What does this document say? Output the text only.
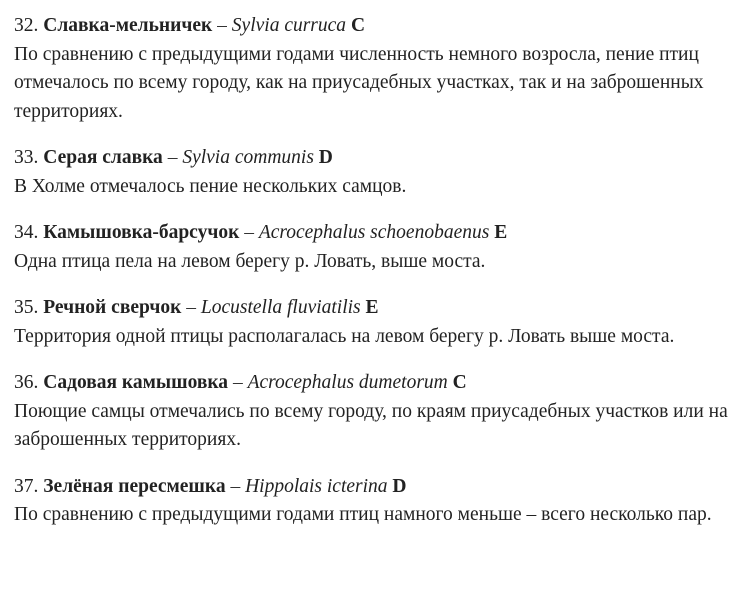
32. Славка-мельничек – Sylvia curruca C

По сравнению с предыдущими годами численность немного возросла, пение птиц отмечалось по всему городу, как на приусадебных участках, так и на заброшенных территориях.

33. Серая славка – Sylvia communis D

В Холме отмечалось пение нескольких самцов.

34. Камышовка-барсучок – Acrocephalus schoenobaenus E

Одна птица пела на левом берегу р. Ловать, выше моста.

35. Речной сверчок – Locustella fluviatilis E

Территория одной птицы располагалась на левом берегу р. Ловать выше моста.

36. Садовая камышовка – Acrocephalus dumetorum C

Поющие самцы отмечались по всему городу, по краям приусадебных участков или на заброшенных территориях.

37. Зелёная пересмешка – Hippolais icterina D

По сравнению с предыдущими годами птиц намного меньше – всего несколько пар.
